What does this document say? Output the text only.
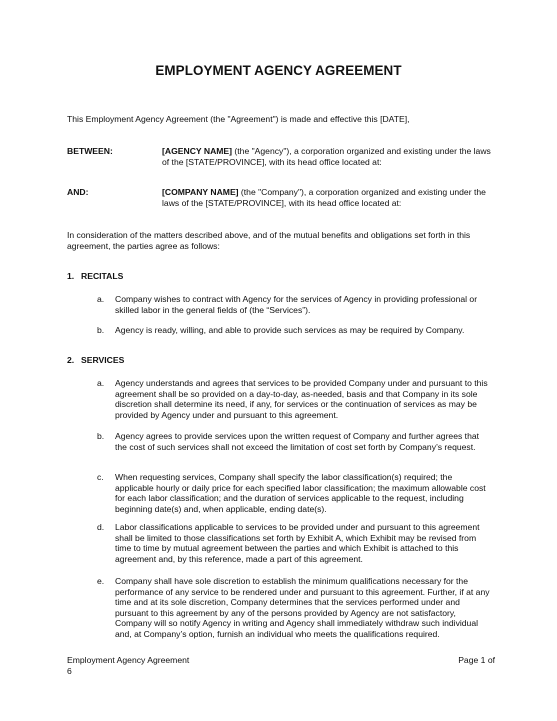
EMPLOYMENT AGENCY AGREEMENT
This Employment Agency Agreement (the "Agreement") is made and effective this [DATE],
BETWEEN:	[AGENCY NAME] (the "Agency"), a corporation organized and existing under the laws of the [STATE/PROVINCE], with its head office located at:
AND:	[COMPANY NAME] (the "Company"), a corporation organized and existing under the laws of the [STATE/PROVINCE], with its head office located at:
In consideration of the matters described above, and of the mutual benefits and obligations set forth in this agreement, the parties agree as follows:
1. RECITALS
a.	Company wishes to contract with Agency for the services of Agency in providing professional or skilled labor in the general fields of (the “Services”).
b.	Agency is ready, willing, and able to provide such services as may be required by Company.
2. SERVICES
a.	Agency understands and agrees that services to be provided Company under and pursuant to this agreement shall be so provided on a day-to-day, as-needed, basis and that Company in its sole discretion shall determine its need, if any, for services or the continuation of services as may be provided by Agency under and pursuant to this agreement.
b.	Agency agrees to provide services upon the written request of Company and further agrees that the cost of such services shall not exceed the limitation of cost set forth by Company’s request.
c.	When requesting services, Company shall specify the labor classification(s) required; the applicable hourly or daily price for each specified labor classification; the maximum allowable cost for each labor classification; and the duration of services applicable to the request, including beginning date(s) and, when applicable, ending date(s).
d.	Labor classifications applicable to services to be provided under and pursuant to this agreement shall be limited to those classifications set forth by Exhibit A, which Exhibit may be revised from time to time by mutual agreement between the parties and which Exhibit is attached to this agreement and, by this reference, made a part of this agreement.
e.	Company shall have sole discretion to establish the minimum qualifications necessary for the performance of any service to be rendered under and pursuant to this agreement. Further, if at any time and at its sole discretion, Company determines that the services performed under and pursuant to this agreement by any of the persons provided by Agency are not satisfactory, Company will so notify Agency in writing and Agency shall immediately withdraw such individual and, at Company’s option, furnish an individual who meets the qualifications required.
Employment Agency Agreement	Page 1 of
6
